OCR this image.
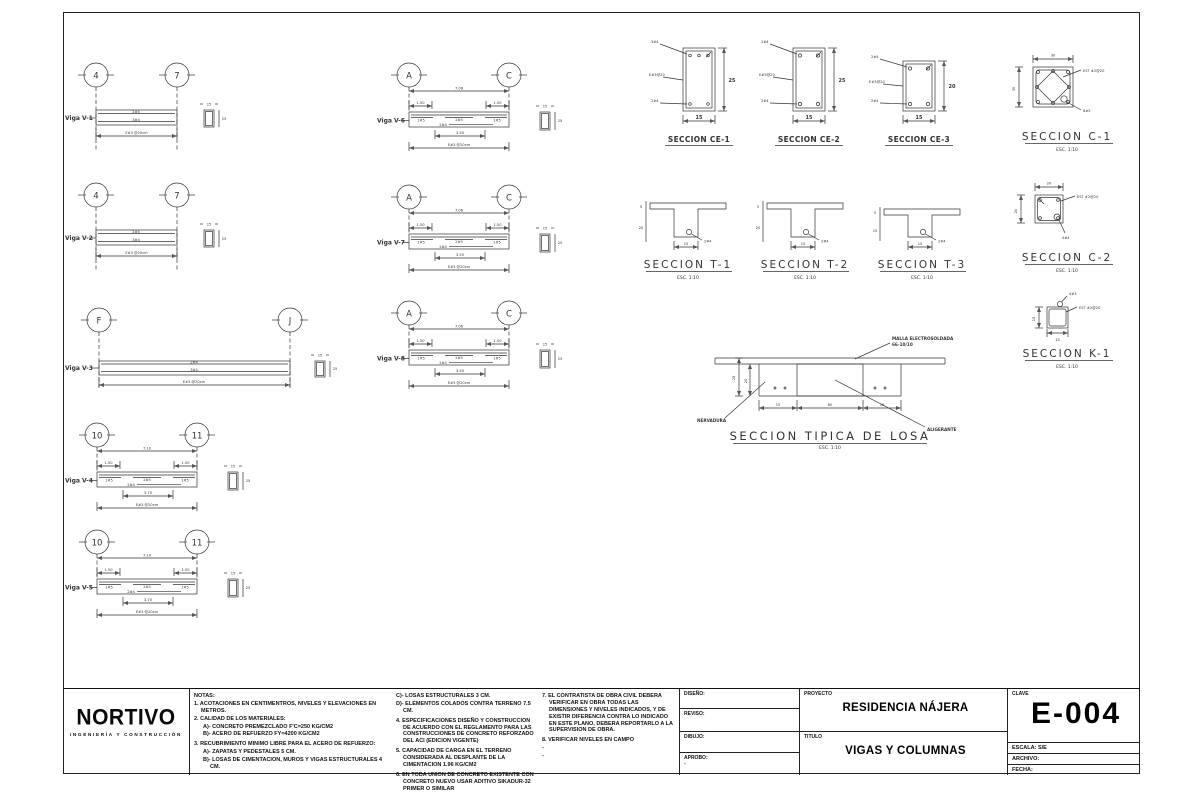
4	7
Viga V-1
2#4
3#4
E#3 @20cm
15
25
4	7
Viga V-2
2#4
3#4
E#3 @20cm
15
25
F	J
Viga V-3
2#4
3#4
E#3 @20cm
15
25
10	11
7.10
1.50	1.50
Viga V-4	1#5	2#5	1#5
2#4
3.70
E#3 @20cm
15
25
10	11
7.10
1.50	1.50
Viga V-5	1#5	2#5	1#5
2#4
3.70
E#3 @20cm
15
25
A	C
7.06
1.50	1.50
Viga V-6	1#5	2#5	1#5
2#4
3.50
E#3 @20cm
15
25
A	C
7.06
1.50	1.50
Viga V-7	1#5	2#5	1#5
2#4
3.50
E#3 @20cm
15
25
A	C
7.06
1.50	1.50
Viga V-8	1#5	2#5	1#5
2#4
3.50
E#3 @20cm
15
25
3#4
E#3@20
2#4
25
15
SECCION CE-1
2#4
E#3@20
2#4
25
15
SECCION CE-2
2#4
E#3@20
2#4
20
15
SECCION CE-3
30
30
EST #2@20
8#5
SECCION C-1
ESC. 1:10
5
20
2#4
15
SECCION T-1
ESC. 1:10
5
20
2#4
15
SECCION T-2
ESC. 1:10
5
15
2#4
15
SECCION T-3
ESC. 1:10
20
20
EST #2@20
4#4
SECCION C-2
ESC. 1:10
4#3
EST #2@20
15
15
SECCION K-1
ESC. 1:10
MALLA ELECTROSOLDADA
66-10/10
25
20
15	60	15
NERVADURA
ALIGERANTE
SECCION TIPICA DE LOSA
ESC. 1:10
NORTIVO
INGENIERÍA Y CONSTRUCCIÓN
NOTAS:
1. ACOTACIONES EN CENTIMENTROS, NIVELES Y ELEVACIONES EN METROS.
2. CALIDAD DE LOS MATERIALES:
A)- CONCRETO PREMEZCLADO F'C=250 KG/CM2
B)- ACERO DE REFUERZO FY=4200 KG/CM2
3. RECUBRIMIENTO MINIMO LIBRE PARA EL ACERO DE REFUERZO:
A)- ZAPATAS Y PEDESTALES 5 CM.
B)- LOSAS DE CIMENTACION, MUROS Y VIGAS ESTRUCTURALES 4 CM.
C)- LOSAS ESTRUCTURALES 3 CM.
D)- ELEMENTOS COLADOS CONTRA TERRENO 7.5 CM.
4. ESPECIFICACIONES DISEÑO Y CONSTRUCCION DE ACUERDO CON EL REGLAMENTO PARA LAS CONSTRUCCIONES DE CONCRETO REFORZADO DEL ACI (EDICION VIGENTE)
5. CAPACIDAD DE CARGA EN EL TERRENO CONSIDERADA AL DESPLANTE DE LA CIMENTACION 1.96 KG/CM2
6. EN TODA UNION DE CONCRETO EXISTENTE CON CONCRETO NUEVO USAR ADITIVO SIKADUR-32 PRIMER O SIMILAR
7. EL CONTRATISTA DE OBRA CIVIL DEBERA VERIFICAR EN OBRA TODAS LAS DIMENSIONES Y NIVELES INDICADOS, Y DE EXISTIR DIFERENCIA CONTRA LO INDICADO EN ESTE PLANO, DEBERA REPORTARLO A LA SUPERVISION DE OBRA.
8. VERIFICAR NIVELES EN CAMPO
-
-
DISEÑO:
REVISO:
DIBUJO:
APROBO:
-
PROYECTO
RESIDENCIA NÁJERA
TITULO
VIGAS Y COLUMNAS
CLAVE
E-004
ESCALA: S/E
ARCHIVO:
FECHA:
